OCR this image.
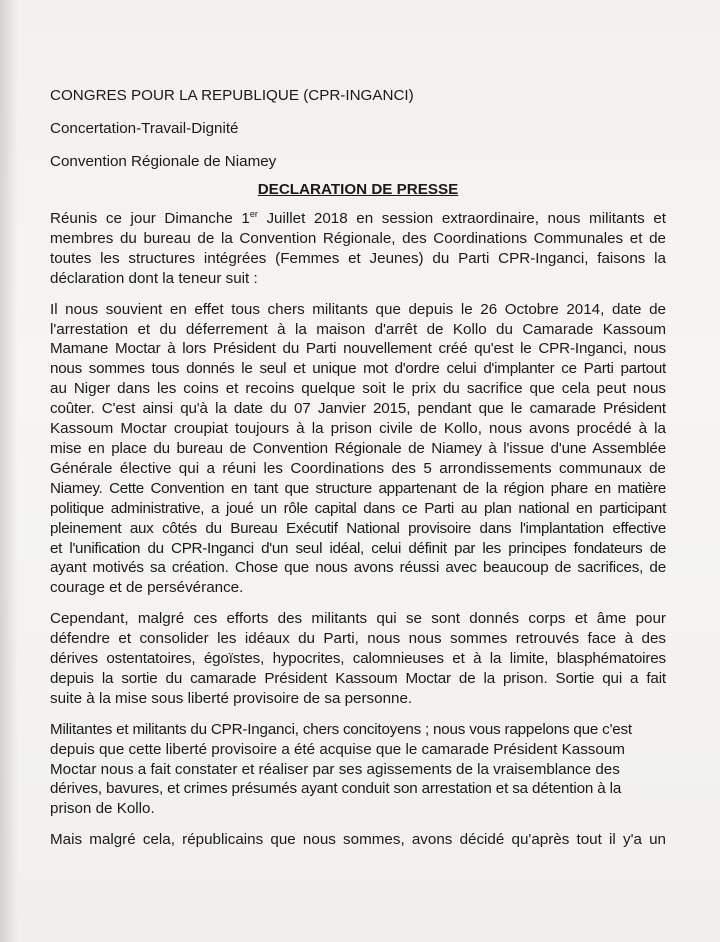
CONGRES POUR LA REPUBLIQUE (CPR-INGANCI)
Concertation-Travail-Dignité
Convention Régionale de Niamey
DECLARATION DE PRESSE
Réunis ce jour Dimanche 1er Juillet 2018 en session extraordinaire, nous militants et
membres du bureau de la Convention Régionale, des Coordinations Communales et de
toutes les structures intégrées (Femmes et Jeunes) du Parti CPR-Inganci, faisons la
déclaration dont la teneur suit :
Il nous souvient en effet tous chers militants que depuis le 26 Octobre 2014, date de
l'arrestation et du déferrement à la maison d'arrêt de Kollo du Camarade Kassoum
Mamane Moctar à lors Président du Parti nouvellement créé qu'est le CPR-Inganci, nous
nous sommes tous donnés le seul et unique mot d'ordre celui d'implanter ce Parti partout
au Niger dans les coins et recoins quelque soit le prix du sacrifice que cela peut nous
coûter. C'est ainsi qu'à la date du 07 Janvier 2015, pendant que le camarade Président
Kassoum Moctar croupiat toujours à la prison civile de Kollo, nous avons procédé à la
mise en place du bureau de Convention Régionale de Niamey à l'issue d'une Assemblée
Générale élective qui a réuni les Coordinations des 5 arrondissements communaux de
Niamey. Cette Convention en tant que structure appartenant de la région phare en matière
politique administrative, a joué un rôle capital dans ce Parti au plan national en participant
pleinement aux côtés du Bureau Exécutif National provisoire dans l'implantation effective
et l'unification du CPR-Inganci d'un seul idéal, celui définit par les principes fondateurs de
ayant motivés sa création. Chose que nous avons réussi avec beaucoup de sacrifices, de
courage et de persévérance.
Cependant, malgré ces efforts des militants qui se sont donnés corps et âme pour
défendre et consolider les idéaux du Parti, nous nous sommes retrouvés face à des
dérives ostentatoires, égoïstes, hypocrites, calomnieuses et à la limite, blasphématoires
depuis la sortie du camarade Président Kassoum Moctar de la prison. Sortie qui a fait
suite à la mise sous liberté provisoire de sa personne.
Militantes et militants du CPR-Inganci, chers concitoyens ; nous vous rappelons que c'est
depuis que cette liberté provisoire a été acquise que le camarade Président Kassoum
Moctar nous a fait constater et réaliser par ses agissements de la vraisemblance des
dérives, bavures, et crimes présumés ayant conduit son arrestation et sa détention à la
prison de Kollo.
Mais malgré cela, républicains que nous sommes, avons décidé qu'après tout il y'a un
